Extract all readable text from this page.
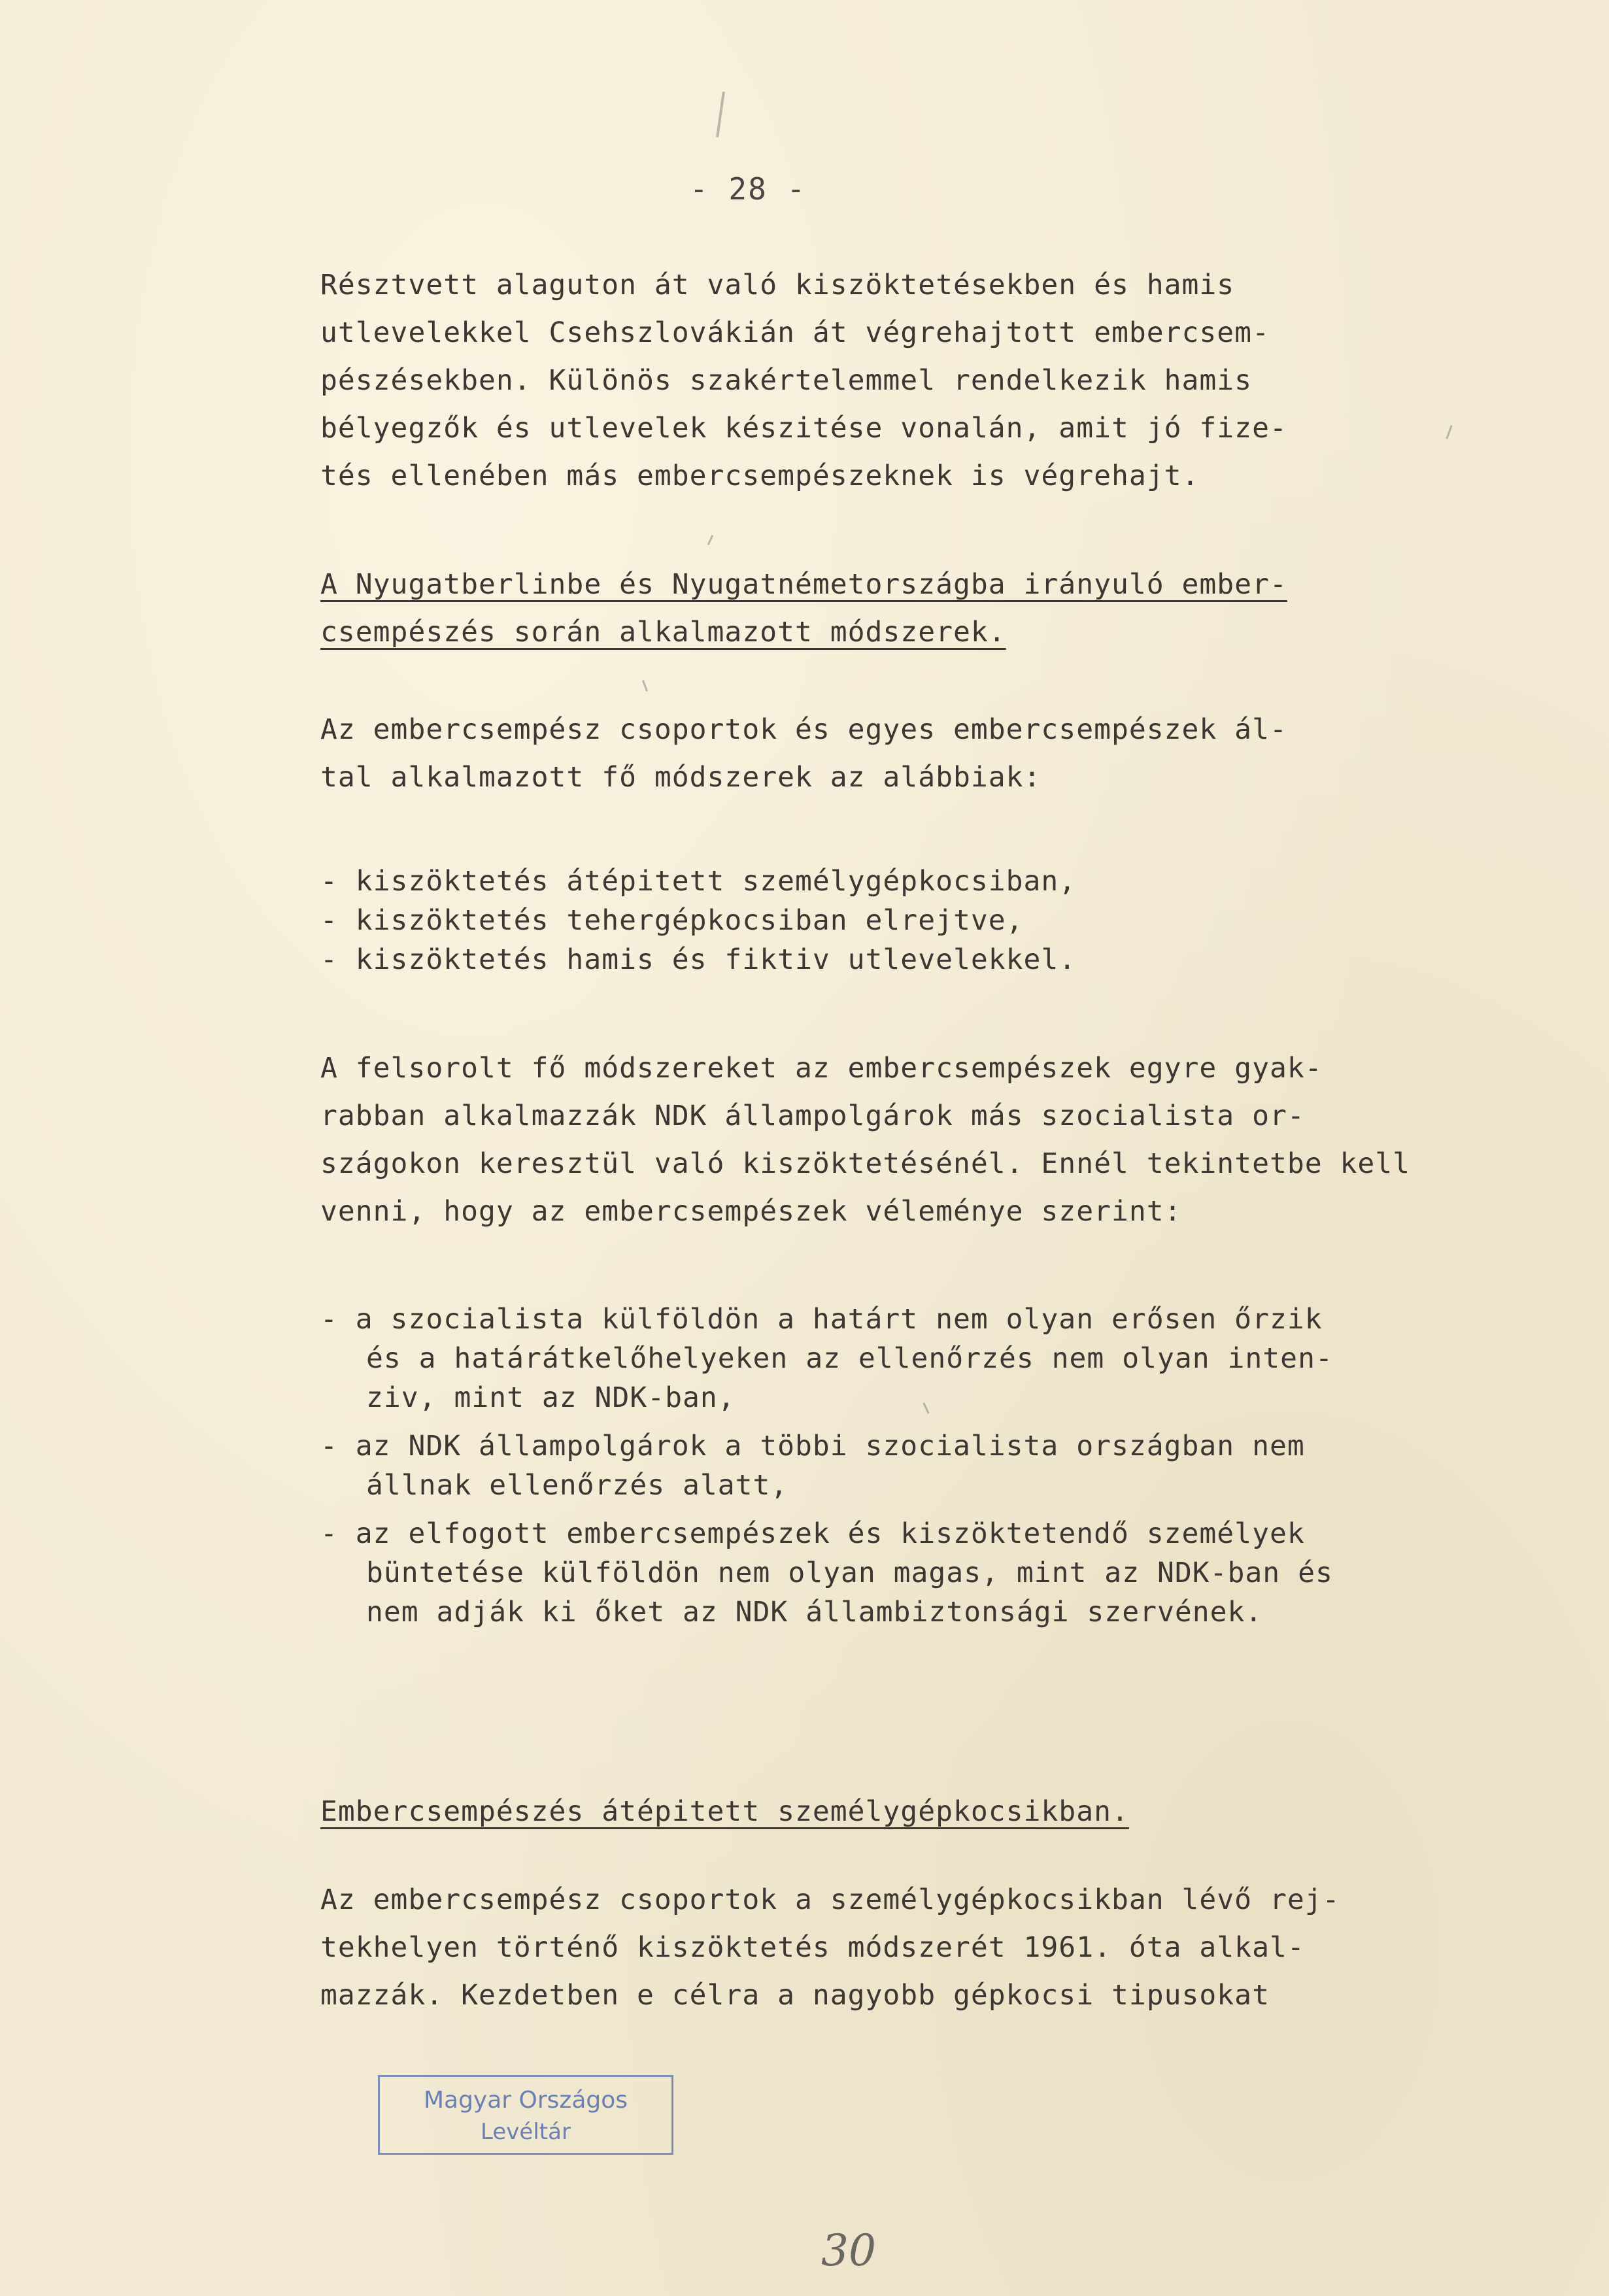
- 28 -
Résztvett alaguton át való kiszöktetésekben és hamis
utlevelekkel Csehszlovákián át végrehajtott embercsem-
pészésekben. Különös szakértelemmel rendelkezik hamis
bélyegzők és utlevelek készitése vonalán, amit jó fize-
tés ellenében más embercsempészeknek is végrehajt.
A Nyugatberlinbe és Nyugatnémetországba irányuló ember-
csempészés során alkalmazott módszerek.
Az embercsempész csoportok és egyes embercsempészek ál-
tal alkalmazott fő módszerek az alábbiak:
- kiszöktetés átépitett személygépkocsiban,
- kiszöktetés tehergépkocsiban elrejtve,
- kiszöktetés hamis és fiktiv utlevelekkel.
A felsorolt fő módszereket az embercsempészek egyre gyak-
rabban alkalmazzák NDK állampolgárok más szocialista or-
szágokon keresztül való kiszöktetésénél. Ennél tekintetbe kell
venni, hogy az embercsempészek véleménye szerint:
- a szocialista külföldön a határt nem olyan erősen őrzik
és a határátkelőhelyeken az ellenőrzés nem olyan inten-
ziv, mint az NDK-ban,
- az NDK állampolgárok a többi szocialista országban nem
állnak ellenőrzés alatt,
- az elfogott embercsempészek és kiszöktetendő személyek
büntetése külföldön nem olyan magas, mint az NDK-ban és
nem adják ki őket az NDK állambiztonsági szervének.
Embercsempészés átépitett személygépkocsikban.
Az embercsempész csoportok a személygépkocsikban lévő rej-
tekhelyen történő kiszöktetés módszerét 1961. óta alkal-
mazzák. Kezdetben e célra a nagyobb gépkocsi tipusokat
Magyar Országos
Levéltár
30
